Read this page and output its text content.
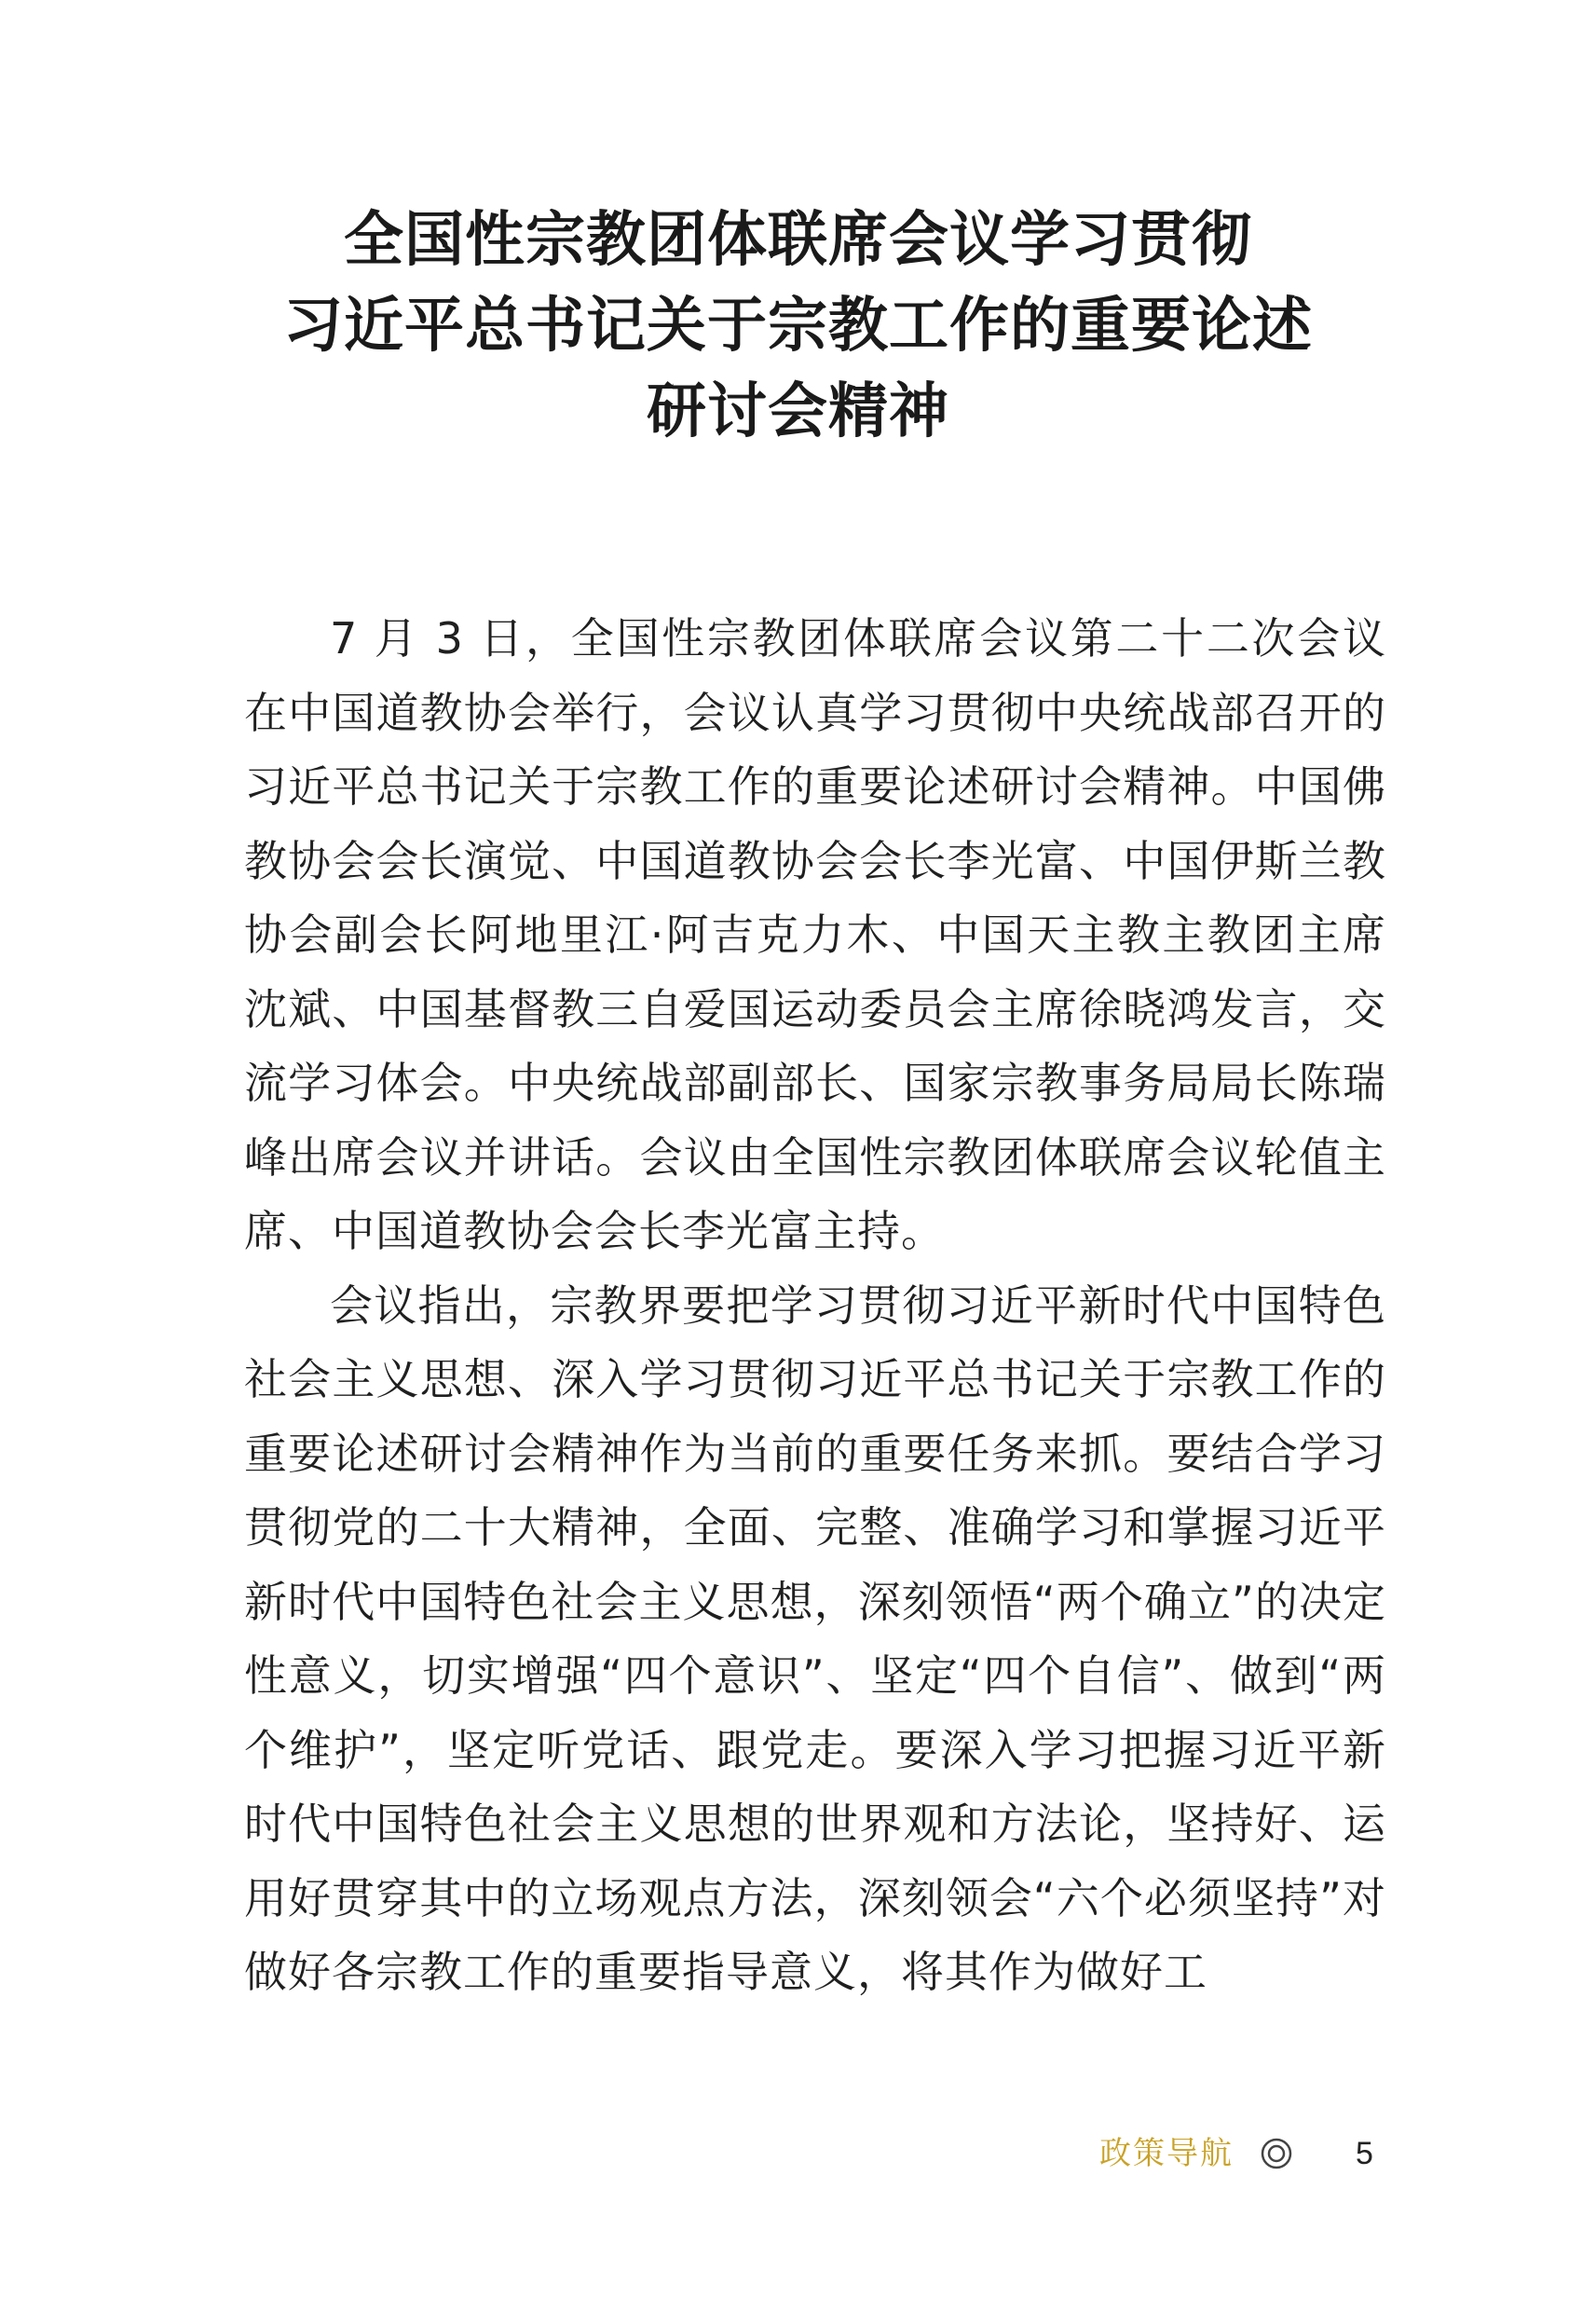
全国性宗教团体联席会议学习贯彻
习近平总书记关于宗教工作的重要论述
研讨会精神

7 月 3 日，全国性宗教团体联席会议第二十二次会议在中国道教协会举行，会议认真学习贯彻中央统战部召开的习近平总书记关于宗教工作的重要论述研讨会精神。中国佛教协会会长演觉、中国道教协会会长李光富、中国伊斯兰教协会副会长阿地里江·阿吉克力木、中国天主教主教团主席沈斌、中国基督教三自爱国运动委员会主席徐晓鸿发言，交流学习体会。中央统战部副部长、国家宗教事务局局长陈瑞峰出席会议并讲话。会议由全国性宗教团体联席会议轮值主席、中国道教协会会长李光富主持。

会议指出，宗教界要把学习贯彻习近平新时代中国特色社会主义思想、深入学习贯彻习近平总书记关于宗教工作的重要论述研讨会精神作为当前的重要任务来抓。要结合学习贯彻党的二十大精神，全面、完整、准确学习和掌握习近平新时代中国特色社会主义思想，深刻领悟“两个确立”的决定性意义，切实增强“四个意识”、坚定“四个自信”、做到“两个维护”，坚定听党话、跟党走。要深入学习把握习近平新时代中国特色社会主义思想的世界观和方法论，坚持好、运用好贯穿其中的立场观点方法，深刻领会“六个必须坚持”对做好各宗教工作的重要指导意义，将其作为做好工

政策导航	5
